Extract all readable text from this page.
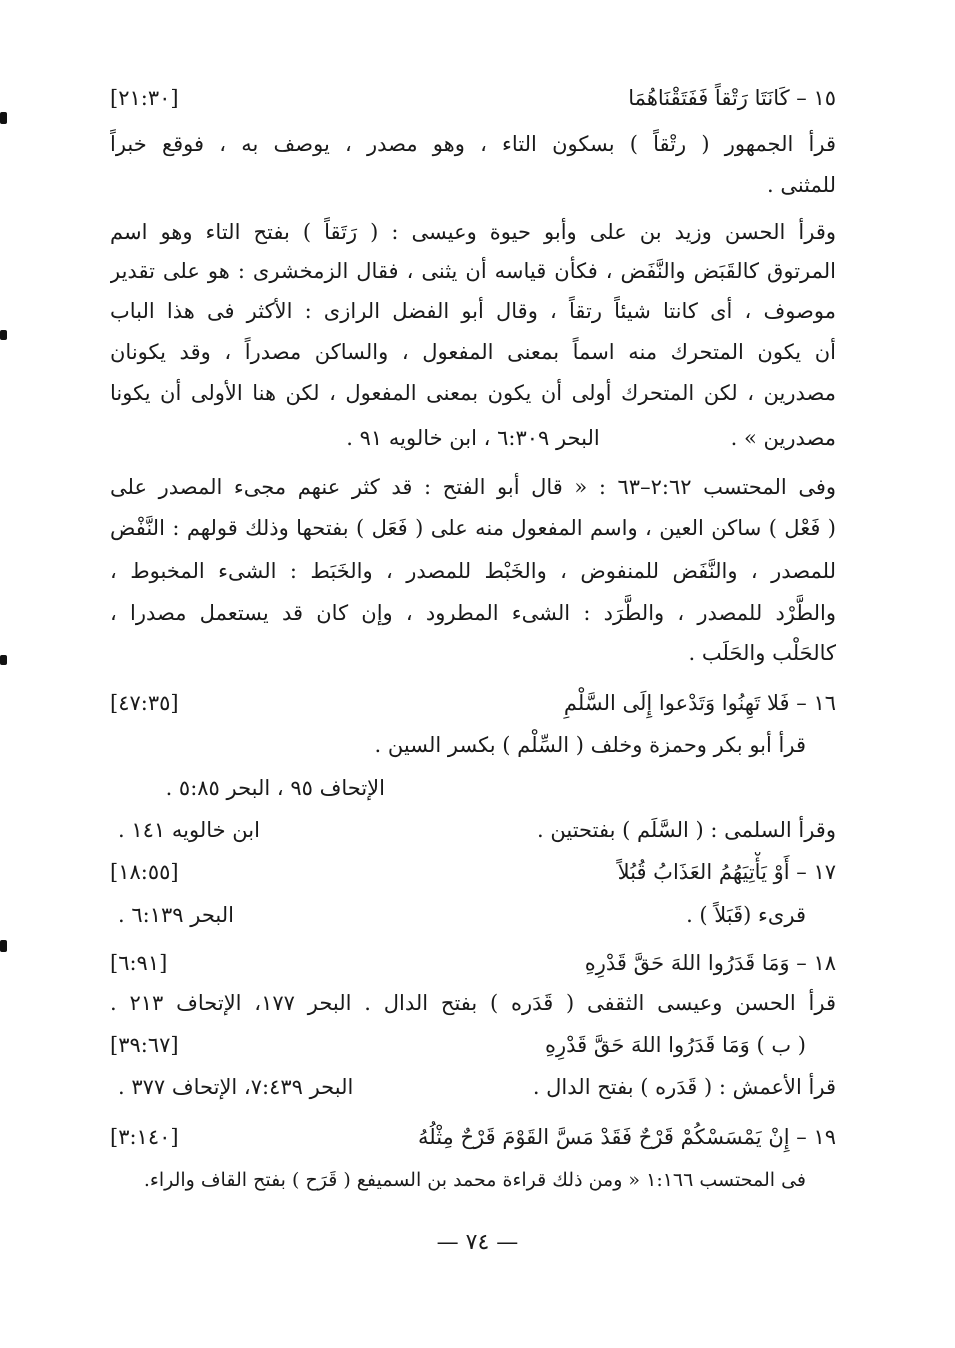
١٥ – كَانَتَا رَتْقاً فَفَتَقْنَاهُمَا
[٢١:٣٠]
قرأ الجمهور ( رتْقاً ) بسكون التاء ، وهو مصدر ، يوصف به ، فوقع خبراً
للمثنى .
وقرأ الحسن وزيد بن على وأبو حيوة وعيسى : ( رَتَقاً ) بفتح التاء وهو اسم
المرتوق كالقَبَض والنَّفَض ، فكأن قياسه أن يثنى ، فقال الزمخشرى : هو على تقدير
موصوف ، أى كانتا شيئاً رتقاً ، وقال أبو الفضل الرازى : الأكثر فى هذا الباب
أن يكون المتحرك منه اسماً بمعنى المفعول ، والساكن مصدراً ، وقد يكونان
مصدرين ، لكن المتحرك أولى أن يكون بمعنى المفعول ، لكن هنا الأولى أن يكونا
مصدرين » .
البحر ٦:٣٠٩ ، ابن خالويه ٩١ .
وفى المحتسب ٢:٦٢–٦٣ : « قال أبو الفتح : قد كثر عنهم مجىء المصدر على
( فَعْل ) ساكن العين ، واسم المفعول منه على ( فَعَل ) بفتحها وذلك قولهم : النَّفْض
للمصدر ، والنَّفَض للمنفوض ، والخَبْط للمصدر ، والخَبَط : الشىء المخبوط ،
والطَّرْد للمصدر ، والطَّرَد : الشىء المطرود ، وإن كان قد يستعمل مصدرا ،
كالحَلْب والحَلَب .
١٦ – فَلا تَهِنُوا وَتَدْعوا إِلَى السَّلْمِ
[٤٧:٣٥]
قرأ أبو بكر وحمزة وخلف ( السِّلْم ) بكسر السين .
الإتحاف ٩٥ ، البحر ٥:٨٥ .
وقرأ السلمى : ( السَّلَم ) بفتحتين .
ابن خالويه ١٤١ .
١٧ – أَوْ يَأْتِيَهُمُ العَذَابُ قُبُلاً
[١٨:٥٥]
قرىء (قَبَلاً ) .
البحر ٦:١٣٩ .
١٨ – وَمَا قَدَرُوا اللهَ حَقَّ قَدْرِهِ
[٦:٩١]
قرأ الحسن وعيسى الثقفى ( قَدَره ) بفتح الدال . البحر ١٧٧، الإتحاف ٢١٣ .
( ب ) وَمَا قَدَرُوا اللهَ حَقَّ قَدْرِهِ
[٣٩:٦٧]
قرأ الأعمش : ( قَدَره ) بفتح الدال .
البحر ٧:٤٣٩، الإتحاف ٣٧٧ .
١٩ – إِنْ يَمْسَسْكُمْ قَرْحٌ فَقَدْ مَسَّ القَوْمَ قَرْحٌ مِثْلُهُ
[٣:١٤٠]
فى المحتسب ١:١٦٦ « ومن ذلك قراءة محمد بن السميفع ( قَرَح ) بفتح القاف والراء.
— ٧٤ —
